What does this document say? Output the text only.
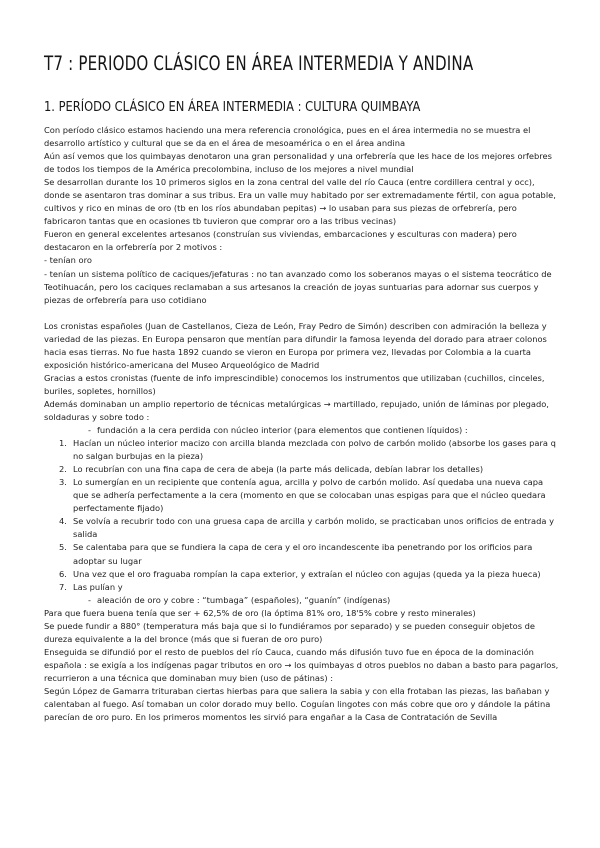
T7 : PERIODO CLÁSICO EN ÁREA INTERMEDIA Y ANDINA
1. PERÍODO CLÁSICO EN ÁREA INTERMEDIA : CULTURA QUIMBAYA

Con período clásico estamos haciendo una mera referencia cronológica, pues en el área intermedia no se muestra el desarrollo artístico y cultural que se da en el área de mesoamérica o en el área andina

Aún así vemos que los quimbayas denotaron una gran personalidad y una orfebrería que les hace de los mejores orfebres de todos los tiempos de la América precolombina, incluso de los mejores a nivel mundial

Se desarrollan durante los 10 primeros siglos en la zona central del valle del río Cauca (entre cordillera central y occ), donde se asentaron tras dominar a sus tribus. Era un valle muy habitado por ser extremadamente fértil, con agua potable, cultivos y rico en minas de oro (tb en los ríos abundaban pepitas) → lo usaban para sus piezas de orfebrería, pero fabricaron tantas que en ocasiones tb tuvieron que comprar oro a las tribus vecinas)

Fueron en general excelentes artesanos (construían sus viviendas, embarcaciones y esculturas con madera) pero destacaron en la orfebrería por 2 motivos :

- tenían oro

- tenían un sistema político de caciques/jefaturas : no tan avanzado como los soberanos mayas o el sistema teocrático de Teotihuacán, pero los caciques reclamaban a sus artesanos la creación de joyas suntuarias para adornar sus cuerpos y piezas de orfebrería para uso cotidiano

Los cronistas españoles (Juan de Castellanos, Cieza de León, Fray Pedro de Simón) describen con admiración la belleza y variedad de las piezas. En Europa pensaron que mentían para difundir la famosa leyenda del dorado para atraer colonos hacia esas tierras. No fue hasta 1892 cuando se vieron en Europa por primera vez, llevadas por Colombia a la cuarta exposición histórico-americana del Museo Arqueológico de Madrid

Gracias a estos cronistas (fuente de info imprescindible) conocemos los instrumentos que utilizaban (cuchillos, cinceles, buriles, sopletes, hornillos)

Además dominaban un amplio repertorio de técnicas metalúrgicas → martillado, repujado, unión de láminas por plegado, soldaduras y sobre todo :

- fundación a la cera perdida con núcleo interior (para elementos que contienen líquidos) :
1. Hacían un núcleo interior macizo con arcilla blanda mezclada con polvo de carbón molido (absorbe los gases para q no salgan burbujas en la pieza)
2. Lo recubrían con una fina capa de cera de abeja (la parte más delicada, debían labrar los detalles)
3. Lo sumergían en un recipiente que contenía agua, arcilla y polvo de carbón molido. Así quedaba una nueva capa que se adhería perfectamente a la cera (momento en que se colocaban unas espigas para que el núcleo quedara perfectamente fijado)
4. Se volvía a recubrir todo con una gruesa capa de arcilla y carbón molido, se practicaban unos orificios de entrada y salida
5. Se calentaba para que se fundiera la capa de cera y el oro incandescente iba penetrando por los orificios para adoptar su lugar
6. Una vez que el oro fraguaba rompían la capa exterior, y extraían el núcleo con agujas (queda ya la pieza hueca)
7. Las pulían y
- aleación de oro y cobre : “tumbaga” (españoles), “guanín” (indígenas)

Para que fuera buena tenía que ser + 62,5% de oro (la óptima 81% oro, 18'5% cobre y resto minerales)

Se puede fundir a 880° (temperatura más baja que si lo fundiéramos por separado) y se pueden conseguir objetos de dureza equivalente a la del bronce (más que si fueran de oro puro)

Enseguida se difundió por el resto de pueblos del río Cauca, cuando más difusión tuvo fue en época de la dominación española : se exigía a los indígenas pagar tributos en oro → los quimbayas d otros pueblos no daban a basto para pagarlos, recurrieron a una técnica que dominaban muy bien (uso de pátinas) :

Según López de Gamarra trituraban ciertas hierbas para que saliera la sabia y con ella frotaban las piezas, las bañaban y calentaban al fuego. Así tomaban un color dorado muy bello. Coguían lingotes con más cobre que oro y dándole la pátina parecían de oro puro. En los primeros momentos les sirvió para engañar a la Casa de Contratación de Sevilla
